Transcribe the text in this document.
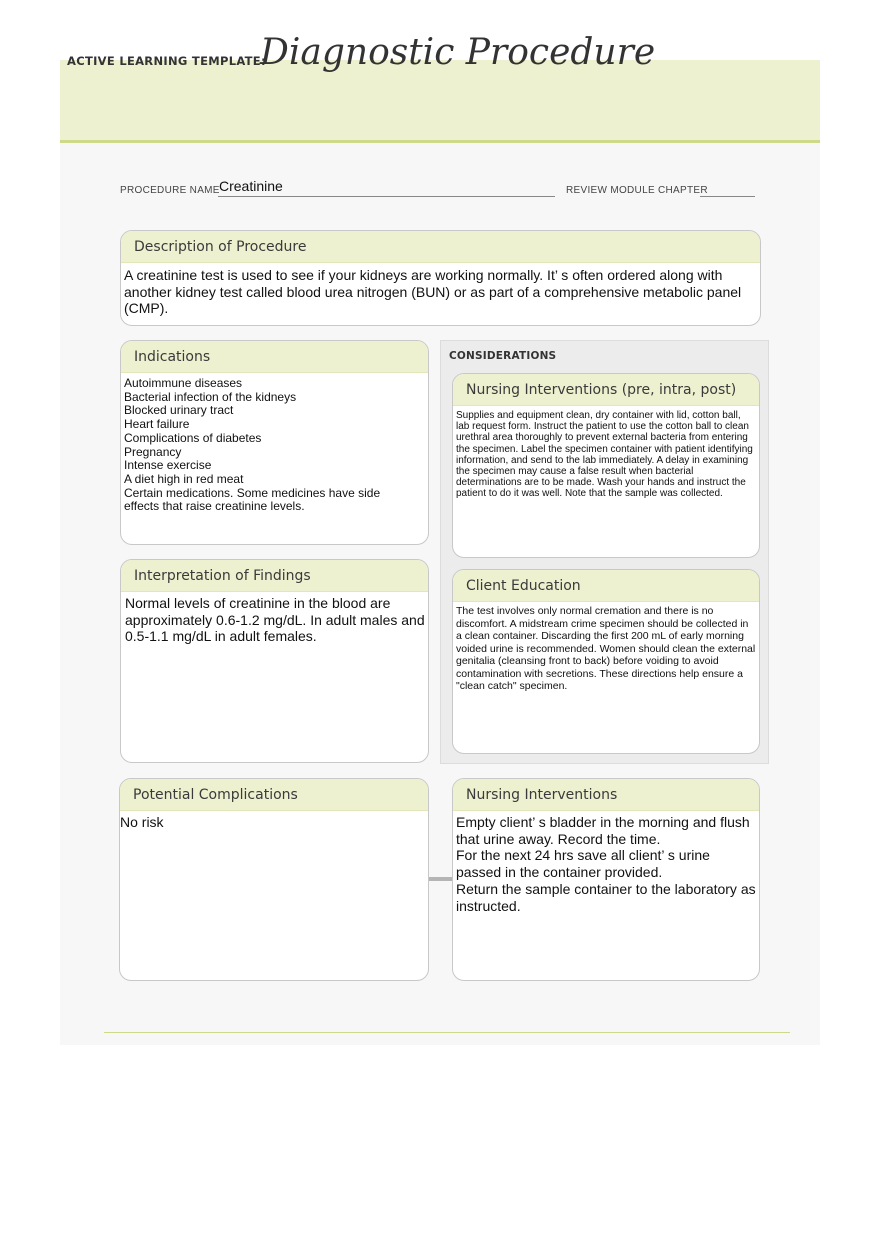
ACTIVE LEARNING TEMPLATE:
Diagnostic Procedure
PROCEDURE NAME Creatinine	REVIEW MODULE CHAPTER
Description of Procedure
A creatinine test is used to see if your kidneys are working normally. It’ s often ordered along with another kidney test called blood urea nitrogen (BUN) or as part of a comprehensive metabolic panel (CMP).
Indications
Autoimmune diseases
Bacterial infection of the kidneys
Blocked urinary tract
Heart failure
Complications of diabetes
Pregnancy
Intense exercise
A diet high in red meat
Certain medications. Some medicines have side effects that raise creatinine levels.
CONSIDERATIONS
Nursing Interventions (pre, intra, post)
Supplies and equipment clean, dry container with lid, cotton ball, lab request form. Instruct the patient to use the cotton ball to clean urethral area thoroughly to prevent external bacteria from entering the specimen. Label the specimen container with patient identifying information, and send to the lab immediately. A delay in examining the specimen may cause a false result when bacterial determinations are to be made. Wash your hands and instruct the patient to do it was well. Note that the sample was collected.
Client Education
The test involves only normal cremation and there is no discomfort. A midstream crime specimen should be collected in a clean container. Discarding the first 200 mL of early morning voided urine is recommended. Women should clean the external genitalia (cleansing front to back) before voiding to avoid contamination with secretions. These directions help ensure a "clean catch" specimen.
Interpretation of Findings
Normal levels of creatinine in the blood are approximately 0.6-1.2 mg/dL. In adult males and 0.5-1.1 mg/dL in adult females.
Potential Complications
No risk
Nursing Interventions
Empty client’ s bladder in the morning and flush that urine away. Record the time.
For the next 24 hrs save all client’ s urine passed in the container provided.
Return the sample container to the laboratory as instructed.
